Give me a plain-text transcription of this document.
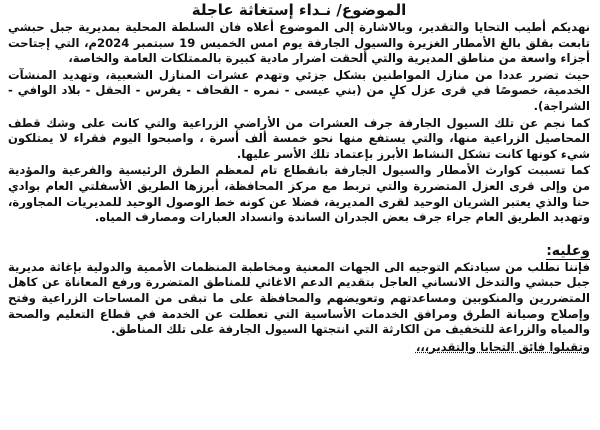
الموضوع/ نـداء إستغاثة عاجلة

نهديكم أطيب التحايا والتقدير، وبالاشارة إلى الموضوع أعلاه فان السلطة المحلية بمديرية جبل حبشي تابعت بقلق بالغ الأمطار الغزيرة والسيول الجارفة يوم امس الخميس 19 سبتمبر 2024م، التي إجتاحت أجزاء واسعة من مناطق المديرية والتي ألحقت اضرار مادية كبيرة بالممتلكات العامة والخاصة،

حيث تضرر عددا من منازل المواطنين بشكل جزئي وتهدم عشرات المنازل الشعبية، وتهديد المنشآت الخدمية، خصوصًا في قرى عزل كلٍ من (بني عيسى - نمره - القحاف - يفرس - الحقل - بلاد الوافي - الشراجة).

كما نجم عن تلك السيول الجارفة جرف العشرات من الأراضي الزراعية والتي كانت على وشك قطف المحاصيل الزراعية منها، والتي يستفع منها نحو خمسة ألف أسرة ، واصبحوا اليوم فقراء لا يمتلكون شيء كونها كانت تشكل النشاط الأبرز بإعتماد تلك الأسر عليها.

كما تسببت كوارث الأمطار والسيول الجارفة بانقطاع تام لمعظم الطرق الرئيسية والفرعية والمؤدية من وإلى قرى العزل المتضررة والتي تربط مع مركز المحافظة، أبرزها الطريق الأسفلتي العام بوادي حنا والذي يعتبر الشريان الوحيد لقرى المديرية، فضلا عن كونه خط الوصول الوحيد للمديريات المجاورة، وتهديد الطريق العام جراء جرف بعض الجدران الساندة وانسداد العبارات ومصارف المياه.

وعليه:

فإننا نطلب من سيادتكم التوجيه الى الجهات المعنية ومخاطبة المنظمات الأممية والدولية بإغاثة مديرية جبل حبشي والتدخل الانساني العاجل بتقديم الدعم الاغاثي للمناطق المتضررة ورفع المعاناة عن كاهل المتضررين والمنكوبين ومساعدتهم وتعويضهم والمحافظة على ما تبقى من المساحات الزراعية وفتح وإصلاح وصيانة الطرق ومرافق الخدمات الأساسية التي تعطلت عن الخدمة في قطاع التعليم والصحة والمياه والزراعة للتخفيف من الكارثة التي انتجتها السيول الجارفة على تلك المناطق.

وتقبلوا فائق التحايا والتقدير،،،
